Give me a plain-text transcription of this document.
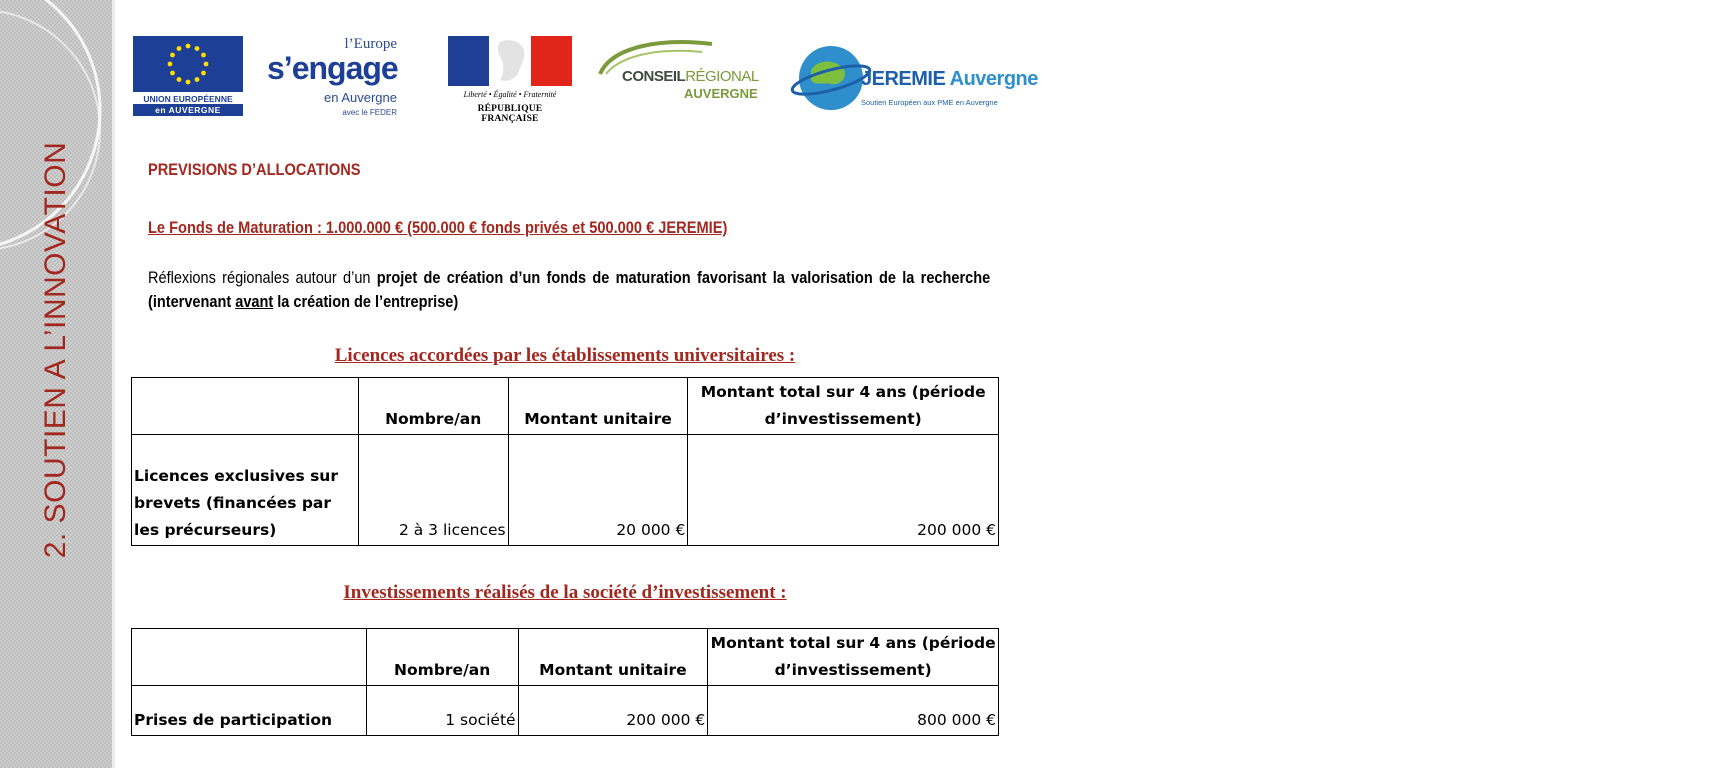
2. SOUTIEN A L’INNOVATION
UNION EUROPÉENNE
en AUVERGNE
l’Europe
s’engage
en Auvergne
avec le FEDER
Liberté • Égalité • Fraternité
RÉPUBLIQUE FRANÇAISE
CONSEILRÉGIONAL
AUVERGNE
JEREMIE Auvergne
Soutien Européen aux PME en Auvergne
PREVISIONS D’ALLOCATIONS
Le Fonds de Maturation : 1.000.000 € (500.000 € fonds privés et 500.000 € JEREMIE)
Réflexions régionales autour d’un projet de création d’un fonds de maturation favorisant la valorisation de la recherche (intervenant avant la création de l’entreprise)
Licences accordées par les établissements universitaires :
	Nombre/an	Montant unitaire	Montant total sur 4 ans (période d’investissement)
Licences exclusives sur brevets (financées par les précurseurs)	2 à 3 licences	20 000 €	200 000 €
Investissements réalisés de la société d’investissement :
	Nombre/an	Montant unitaire	Montant total sur 4 ans (période d’investissement)
Prises de participation	1 société	200 000 €	800 000 €
